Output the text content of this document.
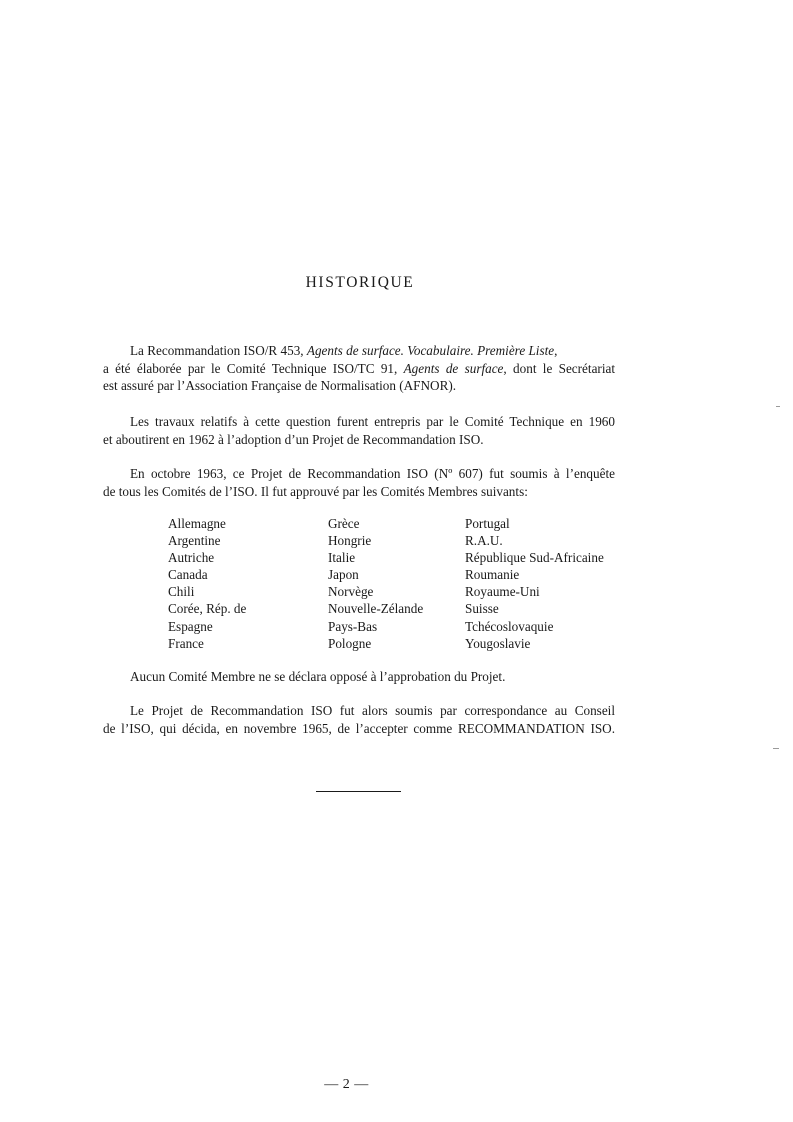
HISTORIQUE

La Recommandation ISO/R 453, Agents de surface. Vocabulaire. Première Liste,

a été élaborée par le Comité Technique ISO/TC 91, Agents de surface, dont le Secrétariat
est assuré par l’Association Française de Normalisation (AFNOR).
Les travaux relatifs à cette question furent entrepris par le Comité Technique en 1960
et aboutirent en 1962 à l’adoption d’un Projet de Recommandation ISO.
En octobre 1963, ce Projet de Recommandation ISO (Nº 607) fut soumis à l’enquête
de tous les Comités de l’ISO. Il fut approuvé par les Comités Membres suivants:
Allemagne
Argentine
Autriche
Canada
Chili
Corée, Rép. de
Espagne
France
Grèce
Hongrie
Italie
Japon
Norvège
Nouvelle-Zélande
Pays-Bas
Pologne
Portugal
R.A.U.
République Sud-Africaine
Roumanie
Royaume-Uni
Suisse
Tchécoslovaquie
Yougoslavie
Aucun Comité Membre ne se déclara opposé à l’approbation du Projet.
Le Projet de Recommandation ISO fut alors soumis par correspondance au Conseil
de l’ISO, qui décida, en novembre 1965, de l’accepter comme RECOMMANDATION ISO.
— 2 —
